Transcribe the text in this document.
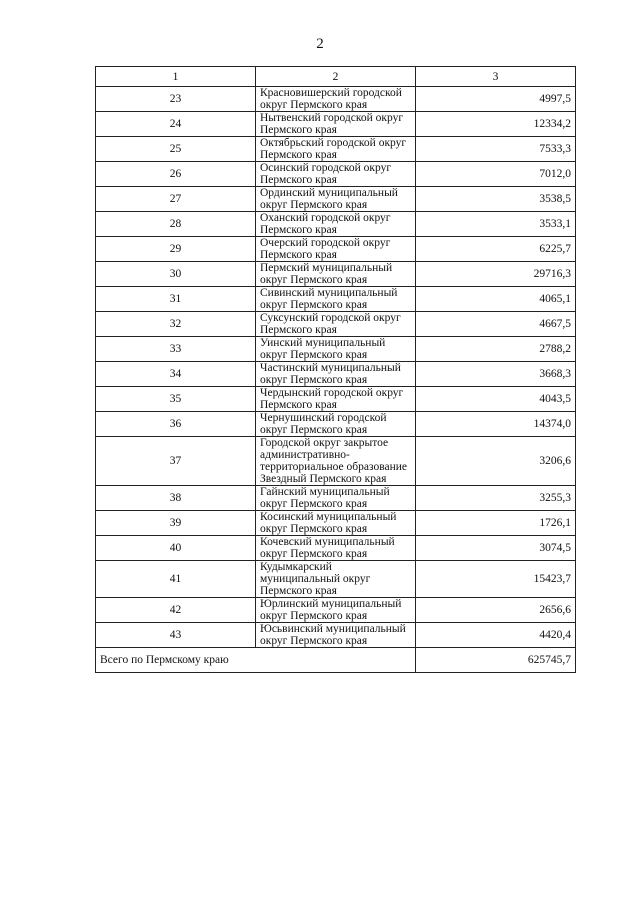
2
1	2	3
23	Красновишерский городской округ Пермского края	4997,5
24	Нытвенский городской округ Пермского края	12334,2
25	Октябрьский городской округ Пермского края	7533,3
26	Осинский городской округ Пермского края	7012,0
27	Ординский муниципальный округ Пермского края	3538,5
28	Оханский городской округ Пермского края	3533,1
29	Очерский городской округ Пермского края	6225,7
30	Пермский муниципальный округ Пермского края	29716,3
31	Сивинский муниципальный округ Пермского края	4065,1
32	Суксунский городской округ Пермского края	4667,5
33	Уинский муниципальный округ Пермского края	2788,2
34	Частинский муниципальный округ Пермского края	3668,3
35	Чердынский городской округ Пермского края	4043,5
36	Чернушинский городской округ Пермского края	14374,0
37	Городской округ закрытое административно-территориальное образование Звездный Пермского края	3206,6
38	Гайнский муниципальный округ Пермского края	3255,3
39	Косинский муниципальный округ Пермского края	1726,1
40	Кочевский муниципальный округ Пермского края	3074,5
41	Кудымкарский муниципальный округ Пермского края	15423,7
42	Юрлинский муниципальный округ Пермского края	2656,6
43	Юсьвинский муниципальный округ Пермского края	4420,4
Всего по Пермскому краю		625745,7
